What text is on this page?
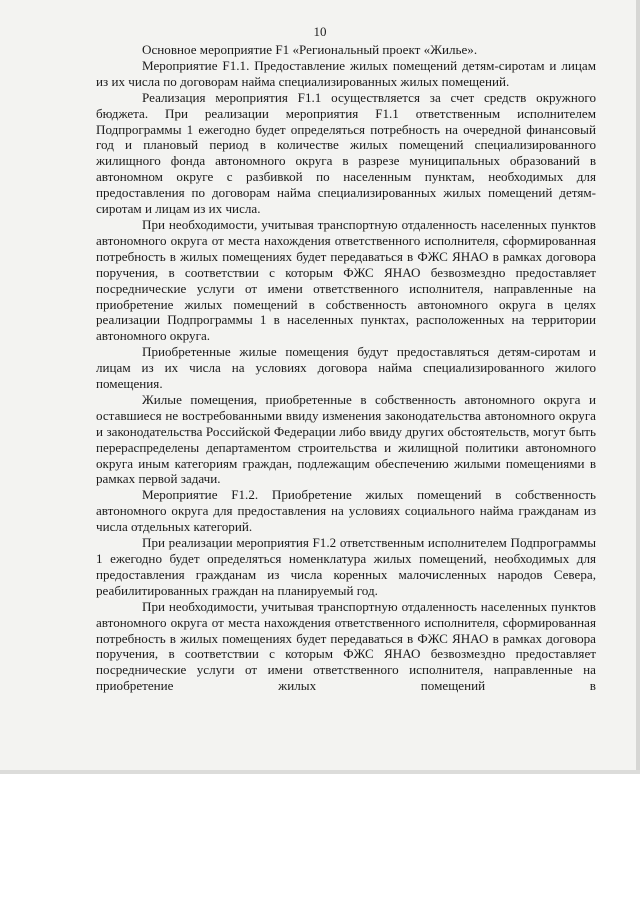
10

Основное мероприятие F1 «Региональный проект «Жилье».

Мероприятие F1.1. Предоставление жилых помещений детям-сиротам и лицам из их числа по договорам найма специализированных жилых помещений.

Реализация мероприятия F1.1 осуществляется за счет средств окружного бюджета. При реализации мероприятия F1.1 ответственным исполнителем Подпрограммы 1 ежегодно будет определяться потребность на очередной финансовый год и плановый период в количестве жилых помещений специализированного жилищного фонда автономного округа в разрезе муниципальных образований в автономном округе с разбивкой по населенным пунктам, необходимых для предоставления по договорам найма специализированных жилых помещений детям-сиротам и лицам из их числа.

При необходимости, учитывая транспортную отдаленность населенных пунктов автономного округа от места нахождения ответственного исполнителя, сформированная потребность в жилых помещениях будет передаваться в ФЖС ЯНАО в рамках договора поручения, в соответствии с которым ФЖС ЯНАО безвозмездно предоставляет посреднические услуги от имени ответственного исполнителя, направленные на приобретение жилых помещений в собственность автономного округа в целях реализации Подпрограммы 1 в населенных пунктах, расположенных на территории автономного округа.

Приобретенные жилые помещения будут предоставляться детям-сиротам и лицам из их числа на условиях договора найма специализированного жилого помещения.

Жилые помещения, приобретенные в собственность автономного округа и оставшиеся не востребованными ввиду изменения законодательства автономного округа и законодательства Российской Федерации либо ввиду других обстоятельств, могут быть перераспределены департаментом строительства и жилищной политики автономного округа иным категориям граждан, подлежащим обеспечению жилыми помещениями в рамках первой задачи.

Мероприятие F1.2. Приобретение жилых помещений в собственность автономного округа для предоставления на условиях социального найма гражданам из числа отдельных категорий.

При реализации мероприятия F1.2 ответственным исполнителем Подпрограммы 1 ежегодно будет определяться номенклатура жилых помещений, необходимых для предоставления гражданам из числа коренных малочисленных народов Севера, реабилитированных граждан на планируемый год.

При необходимости, учитывая транспортную отдаленность населенных пунктов автономного округа от места нахождения ответственного исполнителя, сформированная потребность в жилых помещениях будет передаваться в ФЖС ЯНАО в рамках договора поручения, в соответствии с которым ФЖС ЯНАО безвозмездно предоставляет посреднические услуги от имени ответственного исполнителя, направленные на приобретение жилых помещений в
